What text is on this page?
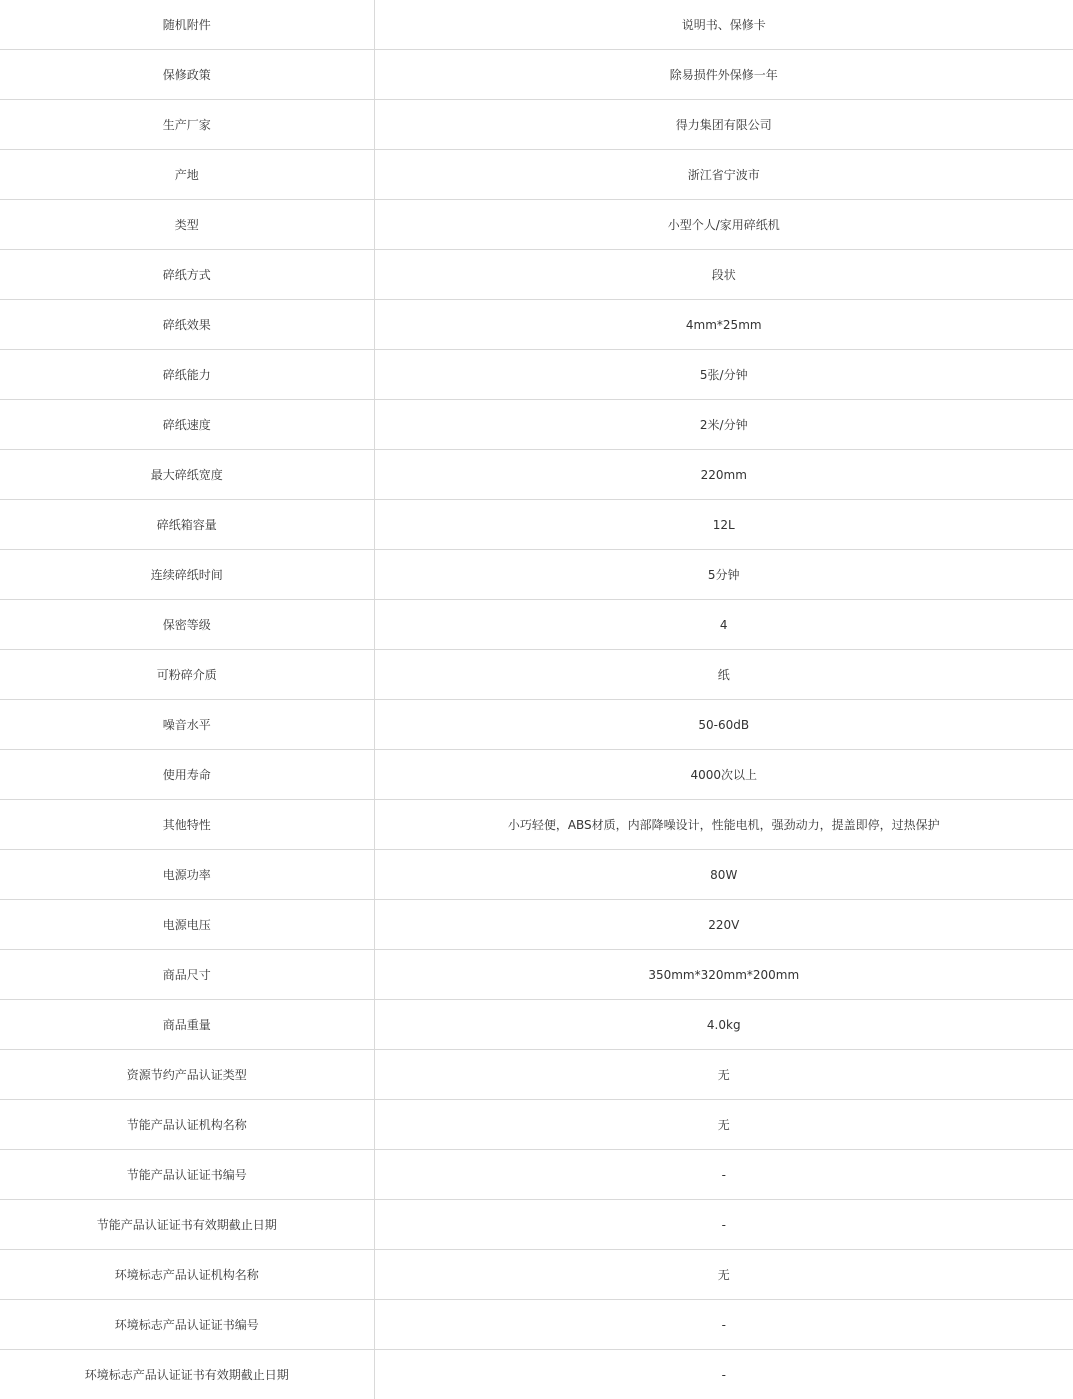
随机附件	说明书、保修卡
保修政策	除易损件外保修一年
生产厂家	得力集团有限公司
产地	浙江省宁波市
类型	小型个人/家用碎纸机
碎纸方式	段状
碎纸效果	4mm*25mm
碎纸能力	5张/分钟
碎纸速度	2米/分钟
最大碎纸宽度	220mm
碎纸箱容量	12L
连续碎纸时间	5分钟
保密等级	4
可粉碎介质	纸
噪音水平	50-60dB
使用寿命	4000次以上
其他特性	小巧轻便，ABS材质，内部降噪设计，性能电机，强劲动力，提盖即停，过热保护
电源功率	80W
电源电压	220V
商品尺寸	350mm*320mm*200mm
商品重量	4.0kg
资源节约产品认证类型	无
节能产品认证机构名称	无
节能产品认证证书编号	-
节能产品认证证书有效期截止日期	-
环境标志产品认证机构名称	无
环境标志产品认证证书编号	-
环境标志产品认证证书有效期截止日期	-
